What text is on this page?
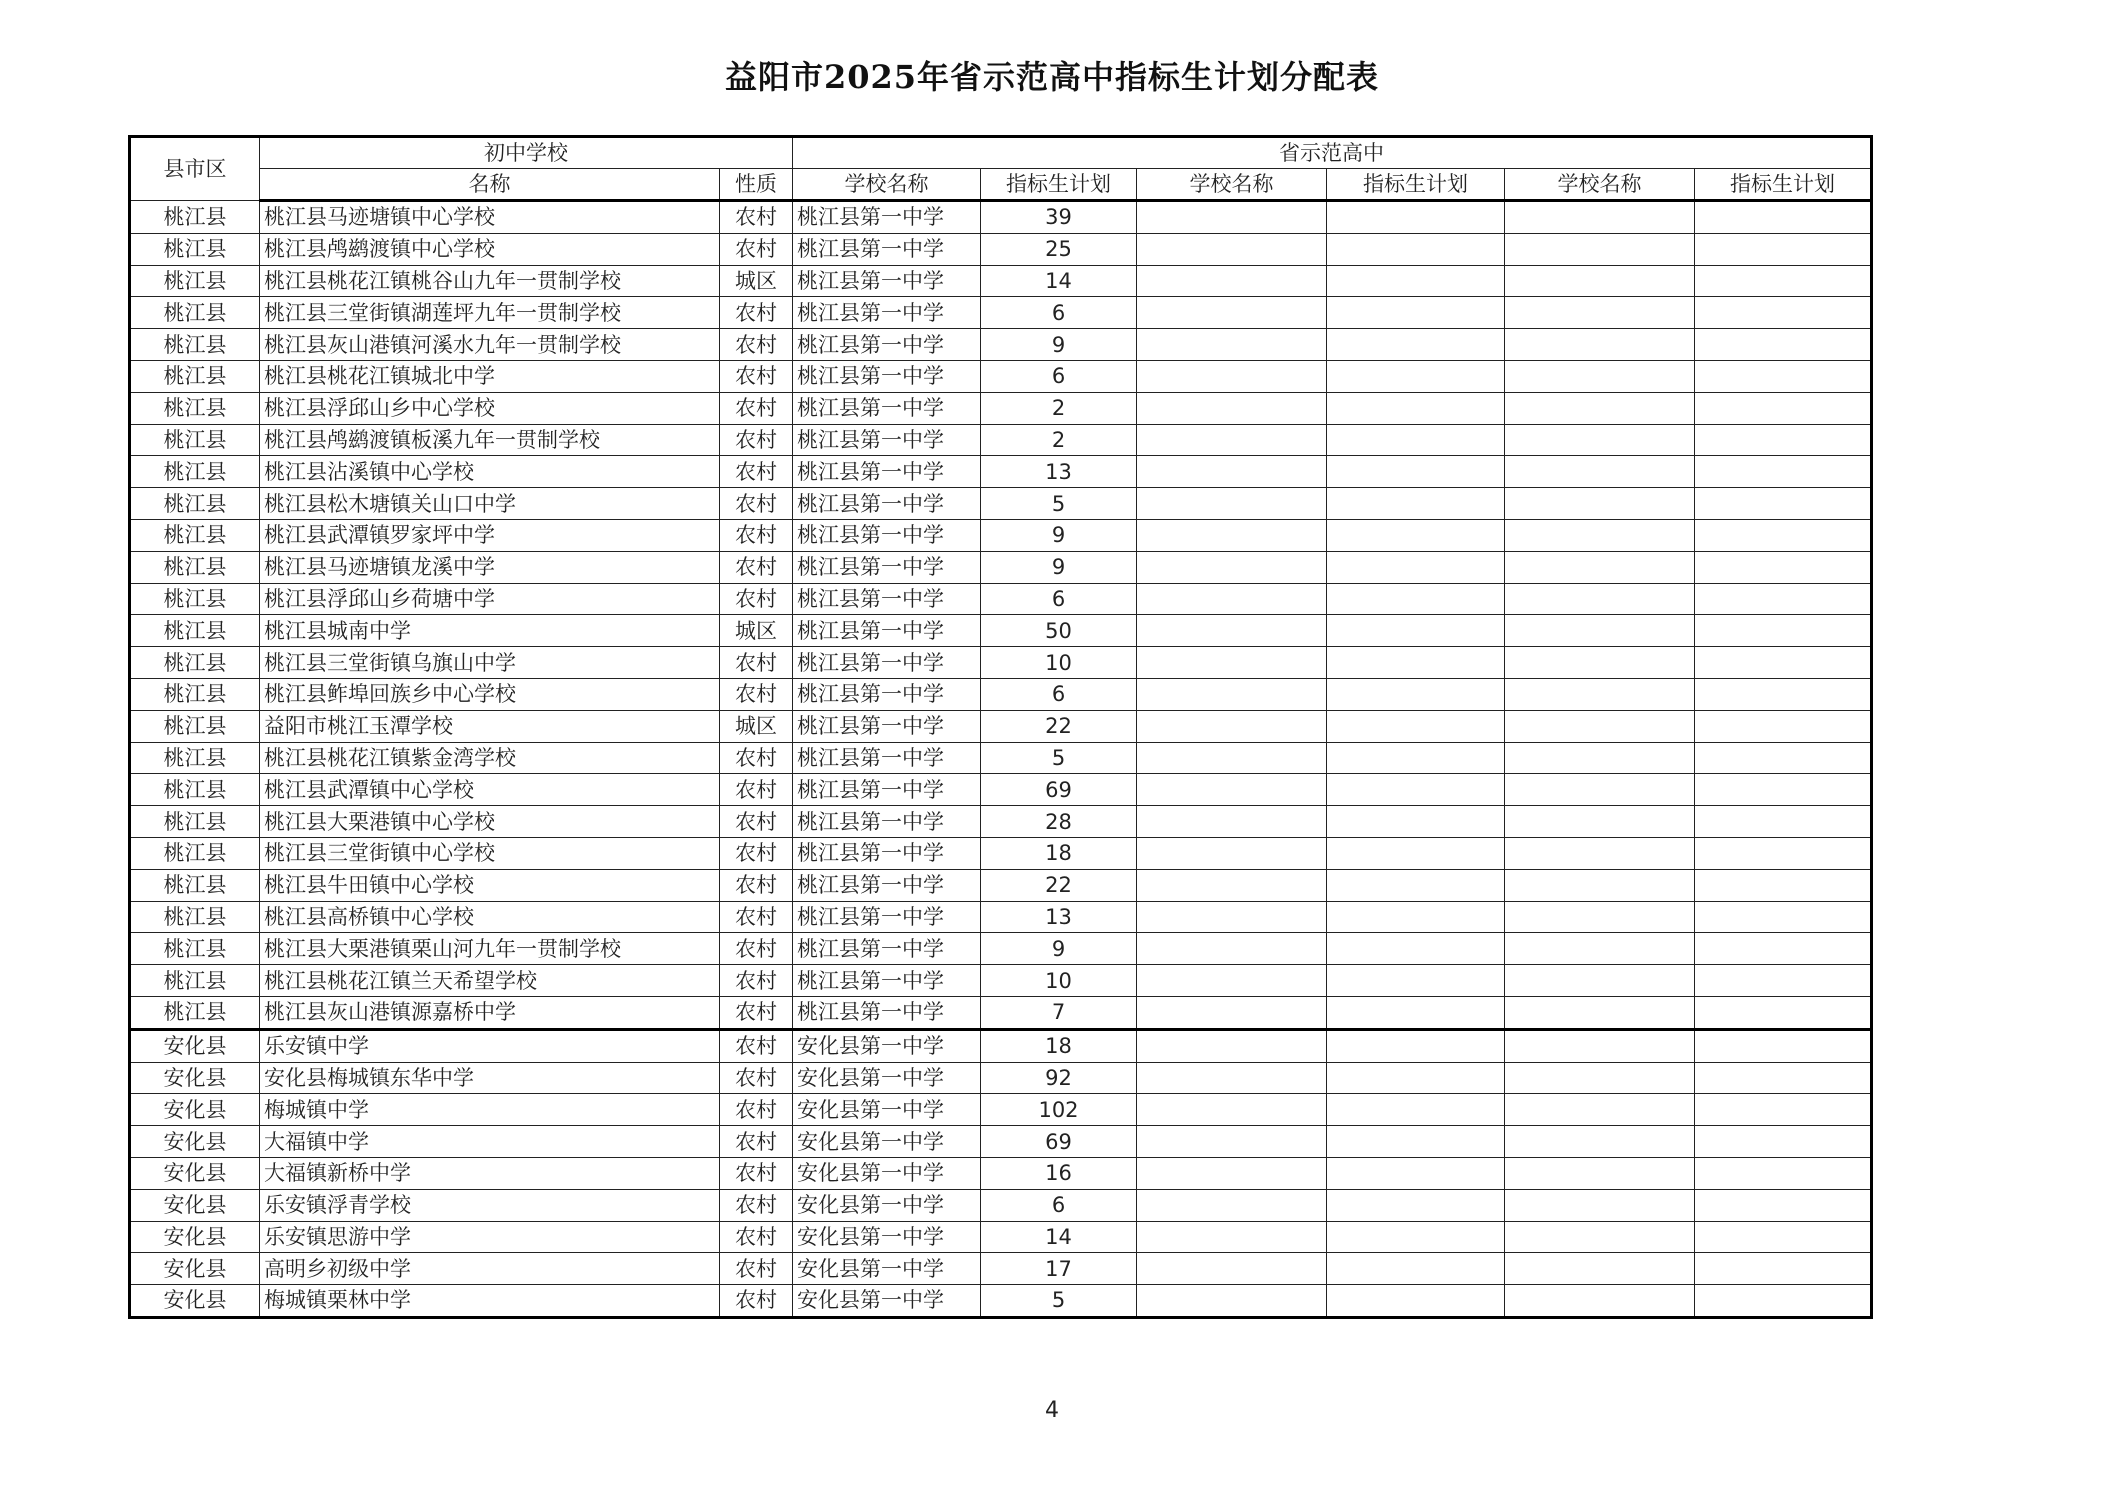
益阳市2025年省示范高中指标生计划分配表
县市区	初中学校		省示范高中					
	名称	性质	学校名称	指标生计划	学校名称	指标生计划	学校名称	指标生计划
桃江县	桃江县马迹塘镇中心学校	农村	桃江县第一中学	39				
桃江县	桃江县鸬鹚渡镇中心学校	农村	桃江县第一中学	25				
桃江县	桃江县桃花江镇桃谷山九年一贯制学校	城区	桃江县第一中学	14				
桃江县	桃江县三堂街镇湖莲坪九年一贯制学校	农村	桃江县第一中学	6				
桃江县	桃江县灰山港镇河溪水九年一贯制学校	农村	桃江县第一中学	9				
桃江县	桃江县桃花江镇城北中学	农村	桃江县第一中学	6				
桃江县	桃江县浮邱山乡中心学校	农村	桃江县第一中学	2				
桃江县	桃江县鸬鹚渡镇板溪九年一贯制学校	农村	桃江县第一中学	2				
桃江县	桃江县沾溪镇中心学校	农村	桃江县第一中学	13				
桃江县	桃江县松木塘镇关山口中学	农村	桃江县第一中学	5				
桃江县	桃江县武潭镇罗家坪中学	农村	桃江县第一中学	9				
桃江县	桃江县马迹塘镇龙溪中学	农村	桃江县第一中学	9				
桃江县	桃江县浮邱山乡荷塘中学	农村	桃江县第一中学	6				
桃江县	桃江县城南中学	城区	桃江县第一中学	50				
桃江县	桃江县三堂街镇乌旗山中学	农村	桃江县第一中学	10				
桃江县	桃江县鲊埠回族乡中心学校	农村	桃江县第一中学	6				
桃江县	益阳市桃江玉潭学校	城区	桃江县第一中学	22				
桃江县	桃江县桃花江镇紫金湾学校	农村	桃江县第一中学	5				
桃江县	桃江县武潭镇中心学校	农村	桃江县第一中学	69				
桃江县	桃江县大栗港镇中心学校	农村	桃江县第一中学	28				
桃江县	桃江县三堂街镇中心学校	农村	桃江县第一中学	18				
桃江县	桃江县牛田镇中心学校	农村	桃江县第一中学	22				
桃江县	桃江县高桥镇中心学校	农村	桃江县第一中学	13				
桃江县	桃江县大栗港镇栗山河九年一贯制学校	农村	桃江县第一中学	9				
桃江县	桃江县桃花江镇兰天希望学校	农村	桃江县第一中学	10				
桃江县	桃江县灰山港镇源嘉桥中学	农村	桃江县第一中学	7				
安化县	乐安镇中学	农村	安化县第一中学	18				
安化县	安化县梅城镇东华中学	农村	安化县第一中学	92				
安化县	梅城镇中学	农村	安化县第一中学	102				
安化县	大福镇中学	农村	安化县第一中学	69				
安化县	大福镇新桥中学	农村	安化县第一中学	16				
安化县	乐安镇浮青学校	农村	安化县第一中学	6				
安化县	乐安镇思游中学	农村	安化县第一中学	14				
安化县	高明乡初级中学	农村	安化县第一中学	17				
安化县	梅城镇栗林中学	农村	安化县第一中学	5				
4
